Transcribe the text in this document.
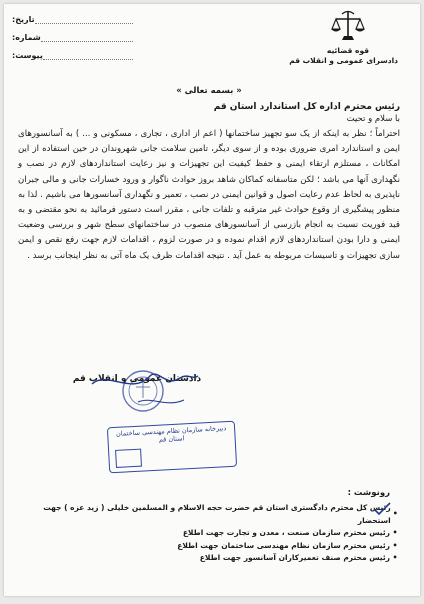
تاریخ:
شماره:
پیوست:
قوه قضائیه
دادسرای عمومی و انقلاب قم
« بسمه تعالی »
رئیس محترم اداره کل استاندارد استان قم
با سلام و تحیت
احتراماً ؛ نظر به اینکه از یک سو تجهیز ساختمانها ( اعم از اداری ، تجاری ، مسکونی و ... ) به آسانسورهای ایمن و استاندارد امری ضروری بوده و از سوی دیگر، تامین سلامت جانی شهروندان در حین استفاده از این امکانات ، مستلزم ارتقاء ایمنی و حفظ کیفیت این تجهیزات و نیز رعایت استانداردهای لازم در نصب و نگهداری آنها می باشد ؛ لکن متاسفانه کماکان شاهد بروز حوادث ناگوار و ورود خسارات جانی و مالی جبران ناپذیری به لحاظ عدم رعایت اصول و قوانین ایمنی در نصب ، تعمیر و نگهداری آسانسورها می باشیم . لذا به منظور پیشگیری از وقوع حوادث غیر مترقبه و تلفات جانی ، مقرر است دستور فرمائید به نحو مقتضی و به قید فوریت نسبت به انجام بازرسی از آسانسورهای منصوب در ساختمانهای سطح شهر و بررسی وضعیت ایمنی و دارا بودن استانداردهای لازم اقدام نموده و در صورت لزوم ، اقدامات لازم جهت رفع نقص و ایمن سازی تجهیزات و تاسیسات مربوطه به عمل آید . نتیجه اقدامات ظرف یک ماه آتی به نظر اینجانب برسد .
دادستان عمومی و انقلاب قم
دبیرخانه سازمان نظام مهندسی ساختمان استان قم
رونوشت :
•
رئیس کل محترم دادگستری استان قم حضرت حجه الاسلام و المسلمین خلیلی ( زید عزه ) جهت استحضار
•
رئیس محترم سازمان صنعت ، معدن و تجارت جهت اطلاع
•
رئیس محترم سازمان نظام مهندسی ساختمان جهت اطلاع
•
رئیس محترم صنف تعمیرکاران آسانسور جهت اطلاع
